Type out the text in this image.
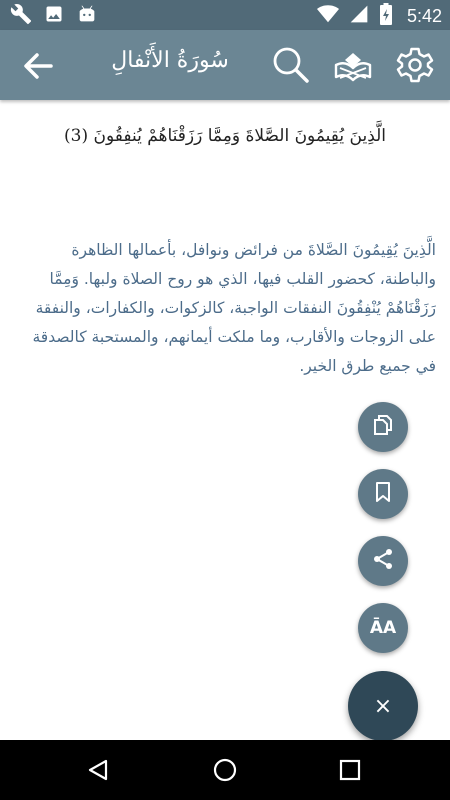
5:42
سُورَةُ الأَنْفالِ
الَّذِينَ يُقِيمُونَ الصَّلاةَ وَمِمَّا رَزَقْنَاهُمْ يُنفِقُونَ (3)
الَّذِينَ يُقِيمُونَ الصَّلاةَ من فرائض ونوافل، بأعمالها الظاهرة والباطنة، كحضور القلب فيها، الذي هو روح الصلاة ولبها. وَمِمَّا رَزَقْنَاهُمْ يُنْفِقُونَ النفقات الواجبة، كالزكوات، والكفارات، والنفقة على الزوجات والأقارب، وما ملكت أيمانهم، والمستحبة كالصدقة في جميع طرق الخير.
ĀA
×
